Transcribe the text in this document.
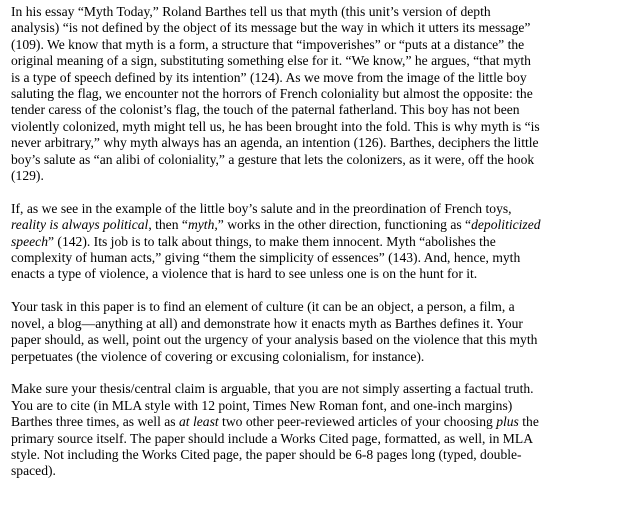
In his essay “Myth Today,” Roland Barthes tell us that myth (this unit’s version of depth
analysis) “is not defined by the object of its message but the way in which it utters its message”
(109). We know that myth is a form, a structure that “impoverishes” or “puts at a distance” the
original meaning of a sign, substituting something else for it. “We know,” he argues, “that myth
is a type of speech defined by its intention” (124). As we move from the image of the little boy
saluting the flag, we encounter not the horrors of French coloniality but almost the opposite: the
tender caress of the colonist’s flag, the touch of the paternal fatherland. This boy has not been
violently colonized, myth might tell us, he has been brought into the fold. This is why myth is “is
never arbitrary,” why myth always has an agenda, an intention (126). Barthes, deciphers the little
boy’s salute as “an alibi of coloniality,” a gesture that lets the colonizers, as it were, off the hook
(129).
If, as we see in the example of the little boy’s salute and in the preordination of French toys,
reality is always political, then “myth,” works in the other direction, functioning as “depoliticized
speech” (142). Its job is to talk about things, to make them innocent. Myth “abolishes the
complexity of human acts,” giving “them the simplicity of essences” (143). And, hence, myth
enacts a type of violence, a violence that is hard to see unless one is on the hunt for it.
Your task in this paper is to find an element of culture (it can be an object, a person, a film, a
novel, a blog—anything at all) and demonstrate how it enacts myth as Barthes defines it. Your
paper should, as well, point out the urgency of your analysis based on the violence that this myth
perpetuates (the violence of covering or excusing colonialism, for instance).
Make sure your thesis/central claim is arguable, that you are not simply asserting a factual truth.
You are to cite (in MLA style with 12 point, Times New Roman font, and one-inch margins)
Barthes three times, as well as at least two other peer-reviewed articles of your choosing plus the
primary source itself. The paper should include a Works Cited page, formatted, as well, in MLA
style. Not including the Works Cited page, the paper should be 6-8 pages long (typed, double-
spaced).
